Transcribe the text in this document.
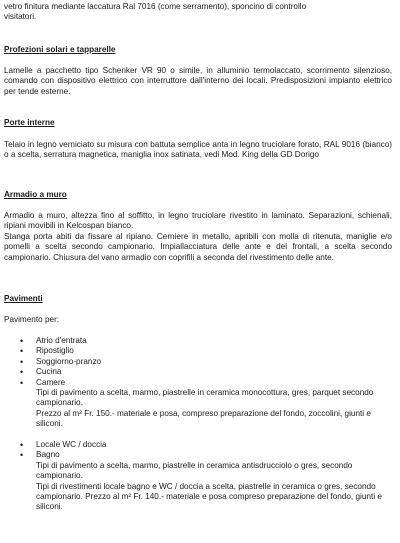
vetro finitura mediante laccatura Ral 7016 (come serramento), sponcino di controllo
visitatori.
Profezioni solari e tapparelle

Lamelle a pacchetto tipo Schenker VR 90 o simile, in alluminio termolaccato, scorrimento silenzioso, comando con dispositivo elettrico con interruttore dall'interno dei locali. Predisposizioni impianto elettrico per tende esterne.

Porte interne

Telaio in legno verniciato su misura con battuta semplice anta in legno truciolare forato, RAL 9016 (bianco) o a scelta, serratura magnetica, maniglia inox satinata, vedi Mod. King della GD Dorigo

Armadio a muro
Armadio a muro, altezza fino al soffitto, in legno truciolare rivestito in laminato. Separazioni, schienali, ripiani movibili in Kelcospan bianco.
Stanga porta abiti da fissare al ripiano. Cerniere in metallo, apribili con molla di ritenuta, maniglie e/o pomelli a scelta secondo campionario. Impiallacciatura delle ante e del frontali, a scelta secondo campionario. Chiusura del vano armadio con coprifili a seconda del rivestimento delle ante.
Pavimenti
Pavimento per:
• Atrio d'entrata
• Ripostiglio
• Soggiorno-pranzo
• Cucina
• Camere
Tipi di pavimento a scelta, marmo, piastrelle in ceramica monocottura, gres, parquet secondo campionario.
Prezzo al m² Fr. 150.- materiale e posa, compreso preparazione del fondo, zoccolini, giunti e siliconi.
• Locale WC / doccia
• Bagno
Tipi di pavimento a scelta, marmo, piastrelle in ceramica antisdrucciolo o gres, secondo campionario.
Tipi di rivestimenti locale bagno e WC / doccia a scelta, piastrelle in ceramica o gres, secondo campionario. Prezzo al m² Fr. 140.- materiale e posa compreso preparazione del fondo, giunti e siliconi.
